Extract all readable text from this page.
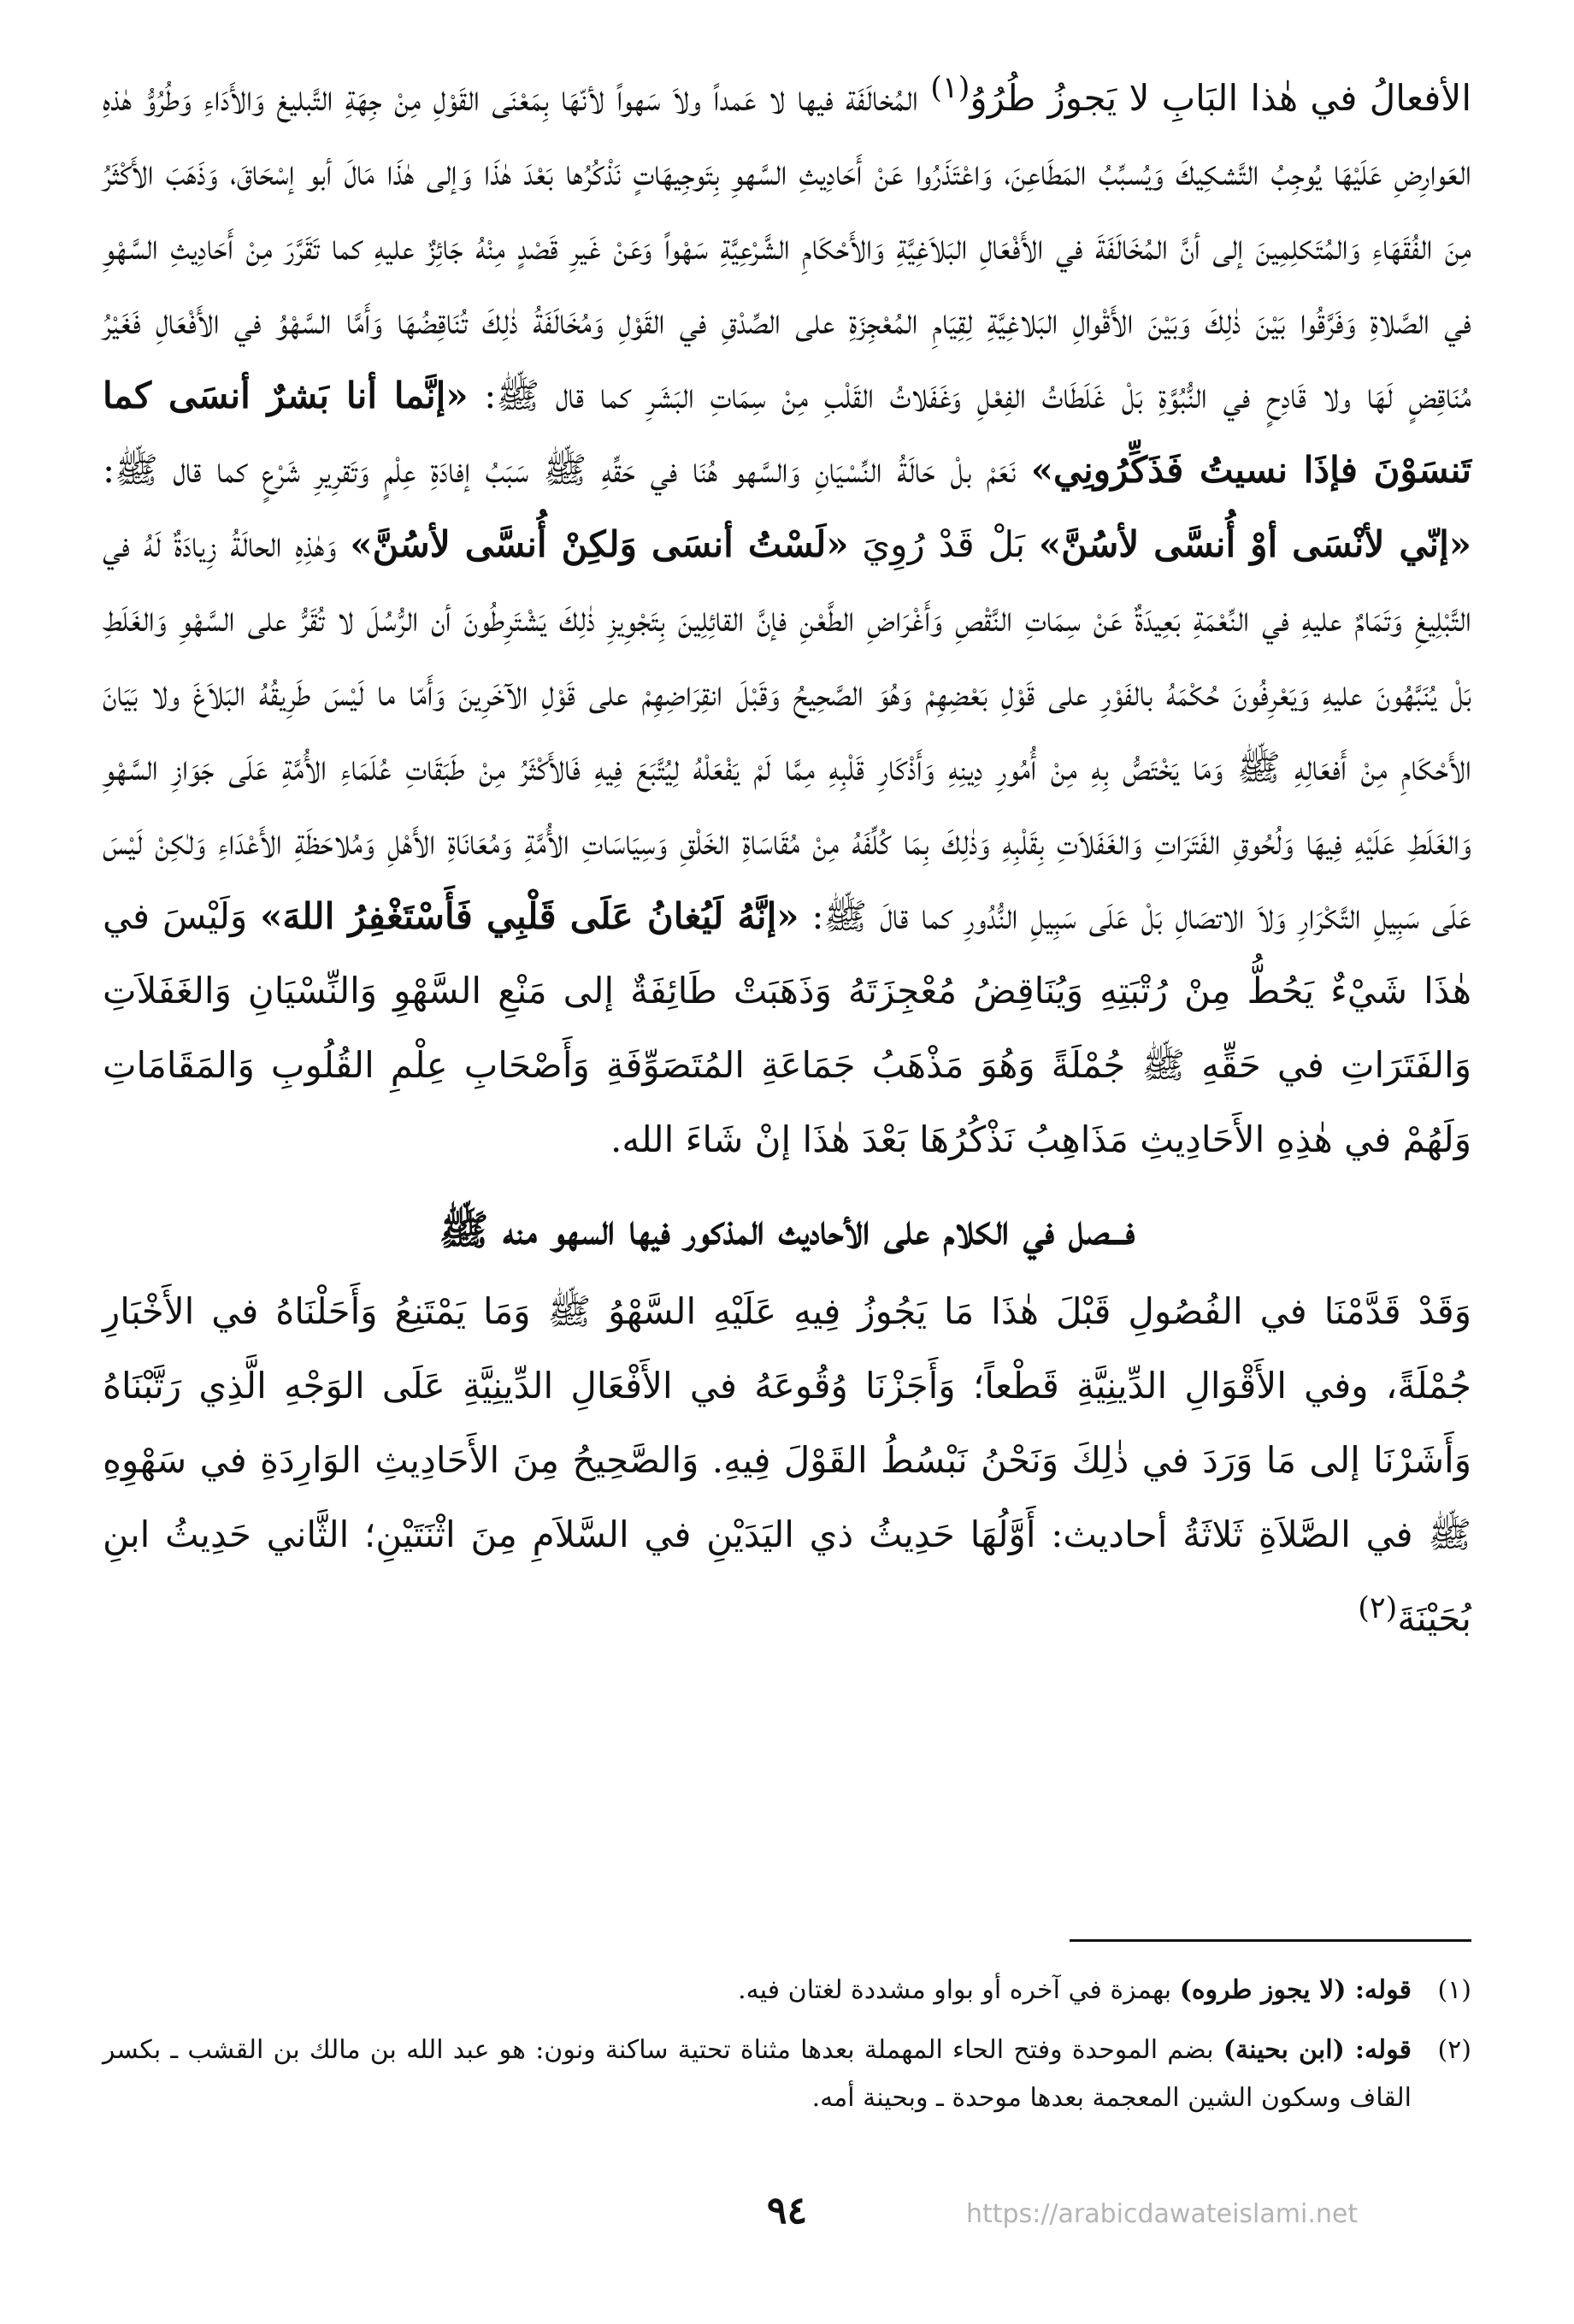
الأفعالُ في هٰذا البَابِ لا يَجوزُ طُرُوُ$^{(١)}$ المُخالَفَة فيها لا عَمداً ولاَ سَهواً لأنّهَا بِمَعْنَى القَوْلِ مِنْ جِهَةِ التَّبليغ وَالأَدَاءِ وَطُرُوُّ هٰذهِ العَوارِضِ عَلَيْهَا يُوجِبُ التَّشكِيكَ وَيُسبِّبُ المَطَاعِنَ، وَاعْتَذَرُوا عَنْ أَحَادِيثِ السَّهوِ بِتَوجِيهَاتٍ نَذْكُرُها بَعْدَ هٰذَا وَإلى هٰذَا مَالَ أبو إسْحَاقَ، وَذَهَبَ الأَكْثَرُ مِنَ الفُقَهَاءِ وَالمُتَكلِمِينَ إلى أنَّ المُخَالَفَةَ في الأَفْعَالِ البَلاَغِيَّةِ وَالأَحْكَامِ الشَّرْعِيَّةِ سَهْواً وَعَنْ غَيرِ قَصْدٍ مِنْهُ جَائِزٌ عليهِ كما تَقَرَّرَ مِنْ أَحَادِيثِ السَّهْوِ في الصَّلاةِ وَفَرَّقُوا بَيْنَ ذٰلِكَ وَبَيْنَ الأَقْوالِ البَلاغِيَّةِ لِقِيَامِ المُعْجِزَةِ على الصِّدْقِ في القَوْلِ وَمُخَالَفَةُ ذٰلِكَ تُنَاقِضُهَا وَأَمَّا السَّهْوُ في الأَفْعَالِ فَغَيْرُ مُنَاقِضٍ لَهَا ولا قَادِحٍ في النُّبُوَّةِ بَلْ غَلَطَاتُ الفِعْلِ وَغَفَلاتُ القَلْبِ مِنْ سِمَاتِ البَشَرِ كما قال ﷺ: «إنَّما أنا بَشرٌ أنسَى كما تَنسَوْنَ فإذَا نسيتُ فَذَكِّرُونِي» نَعَمْ بلْ حَالَةُ النِّسْيَانِ وَالسَّهو هُنَا في حَقِّهِ ﷺ سَبَبُ إفادَةِ عِلْمٍ وَتَقرِيرِ شَرْعٍ كما قال ﷺ: «إنّي لأنْسَى أوْ أُنسَّى لأسُنَّ» بَلْ قَدْ رُوِيَ «لَسْتُ أنسَى وَلكِنْ أُنسَّى لأسُنَّ» وَهٰذِهِ الحالَةُ زِيادَةٌ لَهُ في التَّبْلِيغِ وَتَمَامٌ عليهِ في النِّعْمَةِ بَعِيدَةٌ عَنْ سِمَاتِ النَّقْصِ وَأَغْرَاضِ الطَّعْنِ فإنَّ القائِلِينَ بِتَجْوِيزِ ذٰلِكَ يَشْتَرِطُونَ أن الرُّسُلَ لا تُقَرُّ على السَّهْوِ وَالغَلَطِ بَلْ يُنَبَّهُونَ عليهِ وَيَعْرِفُونَ حُكْمَهُ بالفَوْرِ على قَوْلِ بَعْضِهِمْ وَهُوَ الصَّحِيحُ وَقَبْلَ انقِرَاضِهِمْ على قَوْلِ الآخَرِينَ وَأَمّا ما لَيْسَ طَرِيقُهُ البَلاَغَ ولا بَيَانَ الأَحْكَامِ مِنْ أَفعَالِهِ ﷺ وَمَا يَخْتَصُّ بِهِ مِنْ أُمُورِ دِينِهِ وَأَذْكَارِ قَلْبِهِ مِمَّا لَمْ يَفْعَلْهُ لِيُتَّبَعَ فِيهِ فَالأَكْثَرُ مِنْ طَبَقَاتِ عُلَمَاءِ الأُمَّةِ عَلَى جَوَازِ السَّهْوِ وَالغَلَطِ عَلَيْهِ فِيهَا وَلُحُوقِ الفَتَرَاتِ وَالغَفَلاَتِ بِقَلْبِهِ وَذٰلِكَ بِمَا كُلِّفَهُ مِنْ مُقَاسَاةِ الخَلْقِ وَسِيَاسَاتِ الأُمَّةِ وَمُعَانَاةِ الأَهْلِ وَمُلاحَظَةِ الأَعْدَاءِ وَلٰكِنْ لَيْسَ عَلَى سَبِيلِ التَّكْرَارِ وَلاَ الاتصَالِ بَلْ عَلَى سَبِيلِ النُّدُورِ كما قالَ ﷺ: «إنَّهُ لَيُغانُ عَلَى قَلْبِي فَأَسْتَغْفِرُ اللهَ» وَلَيْسَ في هٰذَا شَيْءٌ يَحُطُّ مِنْ رُتْبَتِهِ وَيُنَاقِضُ مُعْجِزَتَهُ وَذَهَبَتْ طَائِفَةٌ إلى مَنْعِ السَّهْوِ وَالنِّسْيَانِ وَالغَفَلاَتِ وَالفَتَرَاتِ في حَقِّهِ ﷺ جُمْلَةً وَهُوَ مَذْهَبُ جَمَاعَةِ المُتَصَوِّفَةِ وَأَصْحَابِ عِلْمِ القُلُوبِ وَالمَقَامَاتِ وَلَهُمْ في هٰذِهِ الأَحَادِيثِ مَذَاهِبُ نَذْكُرُهَا بَعْدَ هٰذَا إنْ شَاءَ الله.

فـــصل في الكلام على الأحاديث المذكور فيها السهو منه ﷺ

وَقَدْ قَدَّمْنَا في الفُصُولِ قَبْلَ هٰذَا مَا يَجُوزُ فِيهِ عَلَيْهِ السَّهْوُ ﷺ وَمَا يَمْتَنِعُ وَأَحَلْنَاهُ في الأَخْبَارِ جُمْلَةً، وفي الأَقْوَالِ الدِّينِيَّةِ قَطْعاً؛ وَأَجَزْنَا وُقُوعَهُ في الأَفْعَالِ الدِّينِيَّةِ عَلَى الوَجْهِ الَّذِي رَتَّبْنَاهُ وَأَشَرْنَا إلى مَا وَرَدَ في ذٰلِكَ وَنَحْنُ نَبْسُطُ القَوْلَ فِيهِ. وَالصَّحِيحُ مِنَ الأَحَادِيثِ الوَارِدَةِ في سَهْوِهِ ﷺ في الصَّلاَةِ ثَلاثَةُ أحاديث: أَوَّلُهَا حَدِيثُ ذي اليَدَيْنِ في السَّلاَمِ مِنَ اثْنَتَيْنِ؛ الثَّاني حَدِيثُ ابنِ بُحَيْنَةَ$^{(٢)}$

(١)
قوله: (لا يجوز طروه) بهمزة في آخره أو بواو مشددة لغتان فيه.
(٢)
قوله: (ابن بحينة) بضم الموحدة وفتح الحاء المهملة بعدها مثناة تحتية ساكنة ونون: هو عبد الله بن مالك بن القشب ـ بكسر القاف وسكون الشين المعجمة بعدها موحدة ـ وبحينة أمه.
٩٤	https://arabicdawateislami.net
